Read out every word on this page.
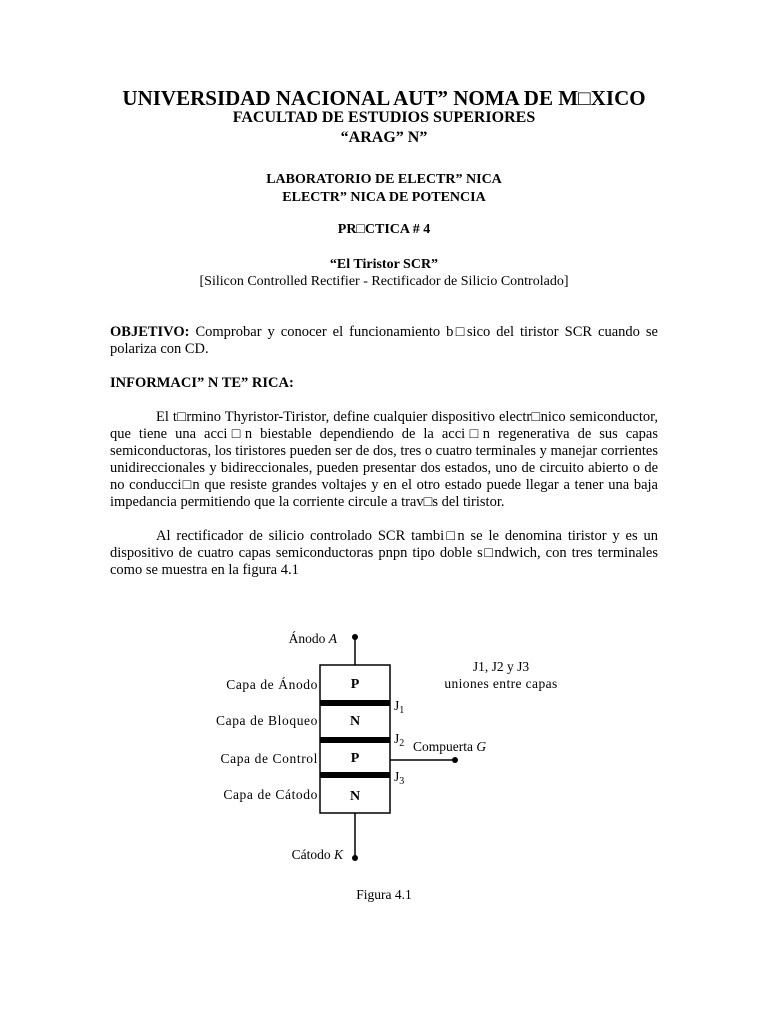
UNIVERSIDAD NACIONAL AUT” NOMA DE M□XICO
FACULTAD DE ESTUDIOS SUPERIORES
“ARAG” N”
LABORATORIO DE ELECTR” NICA
ELECTR” NICA DE POTENCIA
PR□CTICA # 4
“El Tiristor SCR”
[Silicon Controlled Rectifier - Rectificador de Silicio Controlado]
OBJETIVO: Comprobar y conocer el funcionamiento b□sico del tiristor SCR cuando se polariza con CD.
INFORMACI” N TE” RICA:
El t□rmino Thyristor-Tiristor, define cualquier dispositivo electr□nico semiconductor, que tiene una acci□n biestable dependiendo de la acci□n regenerativa de sus capas semiconductoras, los tiristores pueden ser de dos, tres o cuatro terminales y manejar corrientes unidireccionales y bidireccionales, pueden presentar dos estados, uno de circuito abierto o de no conducci□n que resiste grandes voltajes y en el otro estado puede llegar a tener una baja impedancia permitiendo que la corriente circule a trav□s del tiristor.
Al rectificador de silicio controlado SCR tambi□n se le denomina tiristor y es un dispositivo de cuatro capas semiconductoras pnpn tipo doble s□ndwich, con tres terminales como se muestra en la figura 4.1
Ánodo A
P
N
P
N
Capa de Ánodo
Capa de Bloqueo
Capa de Control
Capa de Cátodo
$J_1$
$J_2$
$J_3$
Compuerta G
J1, J2 y J3
uniones entre capas
Cátodo K
Figura 4.1
